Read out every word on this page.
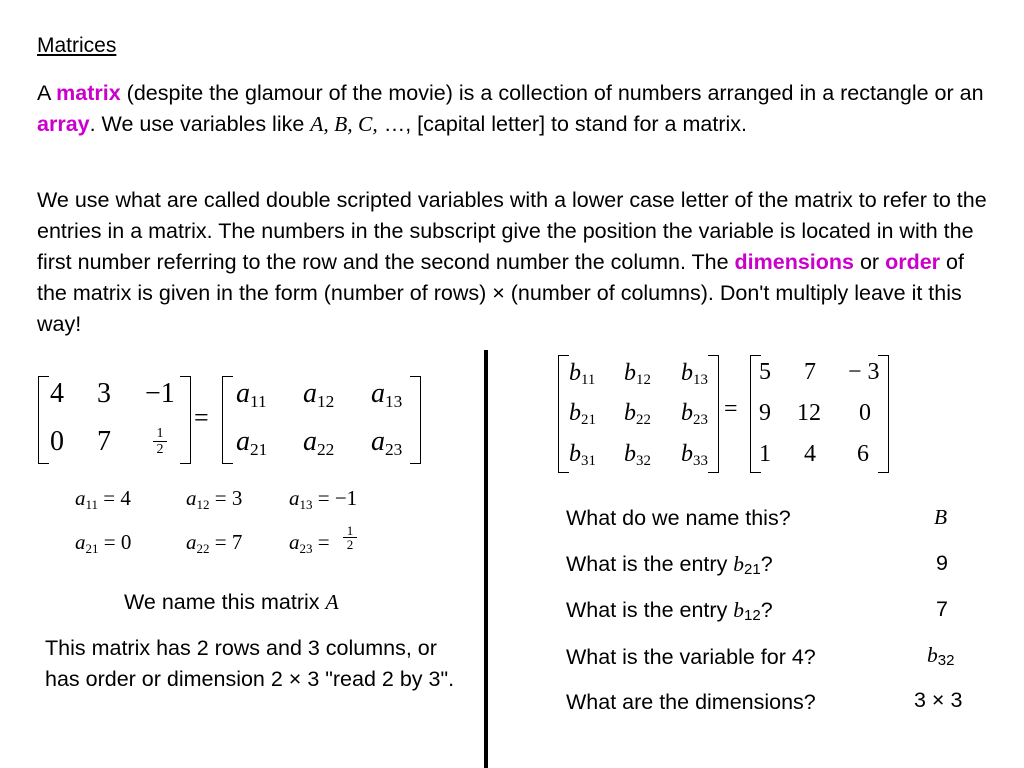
Matrices

A matrix (despite the glamour of the movie) is a collection of numbers arranged in a rectangle or an array. We use variables like A, B, C, …, [capital letter] to stand for a matrix.

We use what are called double scripted variables with a lower case letter of the matrix to refer to the entries in a matrix. The numbers in the subscript give the position the variable is located in with the first number referring to the row and the second number the column. The dimensions or order of the matrix is given in the form (number of rows) × (number of columns). Don't multiply leave it this way!

4 3 −1
0 7	$\frac{1}{2}$
=
$a_{11}$ $a_{12}$ $a_{13}$
$a_{21}$ $a_{22}$ $a_{23}$
$a_{11} = 4$	$a_{12} = 3$ $a_{13} = -1$
$a_{21} = 0$	$a_{22} = 7$ $a_{23} = \frac{1}{2}$
We name this matrix A
This matrix has 2 rows and 3 columns, or has order or dimension 2 × 3 "read 2 by 3".
$b_{11}$ $b_{12}$ $b_{13}$
$b_{21}$ $b_{22}$ $b_{23}$
$b_{31}$ $b_{32}$ $b_{33}$
=
5 7 − 3
9 12 0
1 4 6
What do we name this?	B
What is the entry b21?	9
What is the entry b12?	7
What is the variable for 4?	b32
What are the dimensions?	3 × 3
